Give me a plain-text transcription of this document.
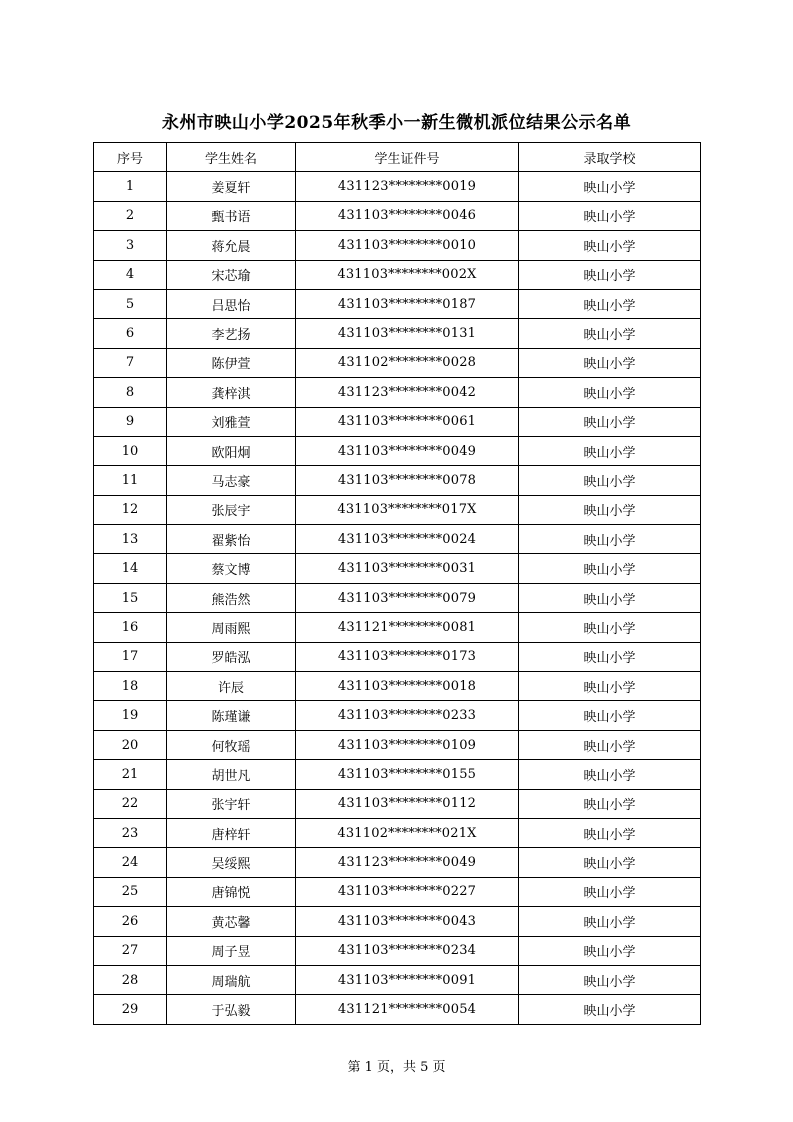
永州市映山小学2025年秋季小一新生微机派位结果公示名单
序号	学生姓名	学生证件号	录取学校
1	姜夏轩	431123********0019	映山小学
2	甄书语	431103********0046	映山小学
3	蒋允晨	431103********0010	映山小学
4	宋芯瑜	431103********002X	映山小学
5	吕思怡	431103********0187	映山小学
6	李艺扬	431103********0131	映山小学
7	陈伊萱	431102********0028	映山小学
8	龚梓淇	431123********0042	映山小学
9	刘雅萱	431103********0061	映山小学
10	欧阳炯	431103********0049	映山小学
11	马志豪	431103********0078	映山小学
12	张辰宇	431103********017X	映山小学
13	翟紫怡	431103********0024	映山小学
14	蔡文博	431103********0031	映山小学
15	熊浩然	431103********0079	映山小学
16	周雨熙	431121********0081	映山小学
17	罗皓泓	431103********0173	映山小学
18	许辰	431103********0018	映山小学
19	陈瑾谦	431103********0233	映山小学
20	何牧瑶	431103********0109	映山小学
21	胡世凡	431103********0155	映山小学
22	张宇轩	431103********0112	映山小学
23	唐梓轩	431102********021X	映山小学
24	吴绥熙	431123********0049	映山小学
25	唐锦悦	431103********0227	映山小学
26	黄芯馨	431103********0043	映山小学
27	周子昱	431103********0234	映山小学
28	周瑞航	431103********0091	映山小学
29	于弘毅	431121********0054	映山小学
第 1 页，共 5 页
